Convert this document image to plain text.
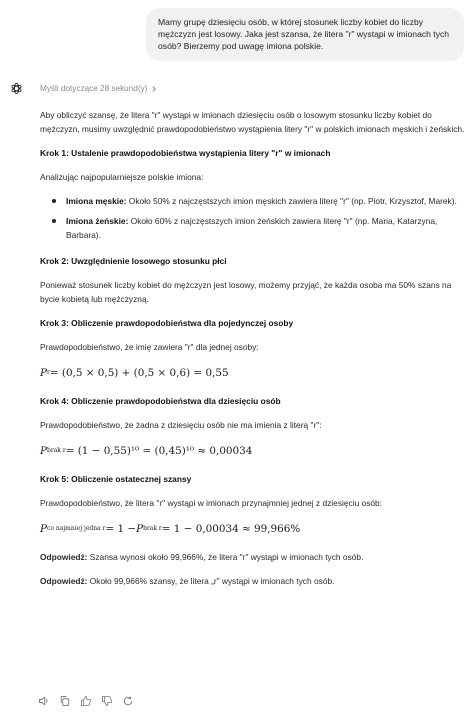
Mamy grupę dziesięciu osób, w której stosunek liczby kobiet do liczby mężczyzn jest losowy. Jaka jest szansa, że litera "r" wystąpi w imionach tych osób? Bierzemy pod uwagę imiona polskie.
Myśli dotyczące 28 sekund(y)
Aby obliczyć szansę, że litera "r" wystąpi w imionach dziesięciu osób o losowym stosunku liczby kobiet do mężczyzn, musimy uwzględnić prawdopodobieństwo wystąpienia litery "r" w polskich imionach męskich i żeńskich.
Krok 1: Ustalenie prawdopodobieństwa wystąpienia litery "r" w imionach
Analizując najpopularniejsze polskie imiona:
Imiona męskie: Około 50% z najczęstszych imion męskich zawiera literę "r" (np. Piotr, Krzysztof, Marek).
Imiona żeńskie: Około 60% z najczęstszych imion żeńskich zawiera literę "r" (np. Maria, Katarzyna, Barbara).
Krok 2: Uwzględnienie losowego stosunku płci
Ponieważ stosunek liczby kobiet do mężczyzn jest losowy, możemy przyjąć, że każda osoba ma 50% szans na bycie kobietą lub mężczyzną.
Krok 3: Obliczenie prawdopodobieństwa dla pojedynczej osoby
Prawdopodobieństwo, że imię zawiera "r" dla jednej osoby:
P r = (0,5 × 0,5) + (0,5 × 0,6) = 0,55
Krok 4: Obliczenie prawdopodobieństwa dla dziesięciu osób
Prawdopodobieństwo, że żadna z dziesięciu osób nie ma imienia z literą "r":
P brak r = (1 − 0,55)¹⁰ = (0,45)¹⁰ ≈ 0,00034
Krok 5: Obliczenie ostatecznej szansy
Prawdopodobieństwo, że litera "r" wystąpi w imionach przynajmniej jednej z dziesięciu osób:
P co najmniej jedna r = 1 − P brak r = 1 − 0,00034 ≈ 99,966%
Odpowiedź: Szansa wynosi około 99,966%, że litera "r" wystąpi w imionach tych osób.
Odpowiedź: Około 99,966% szansy, że litera „r” wystąpi w imionach tych osób.
